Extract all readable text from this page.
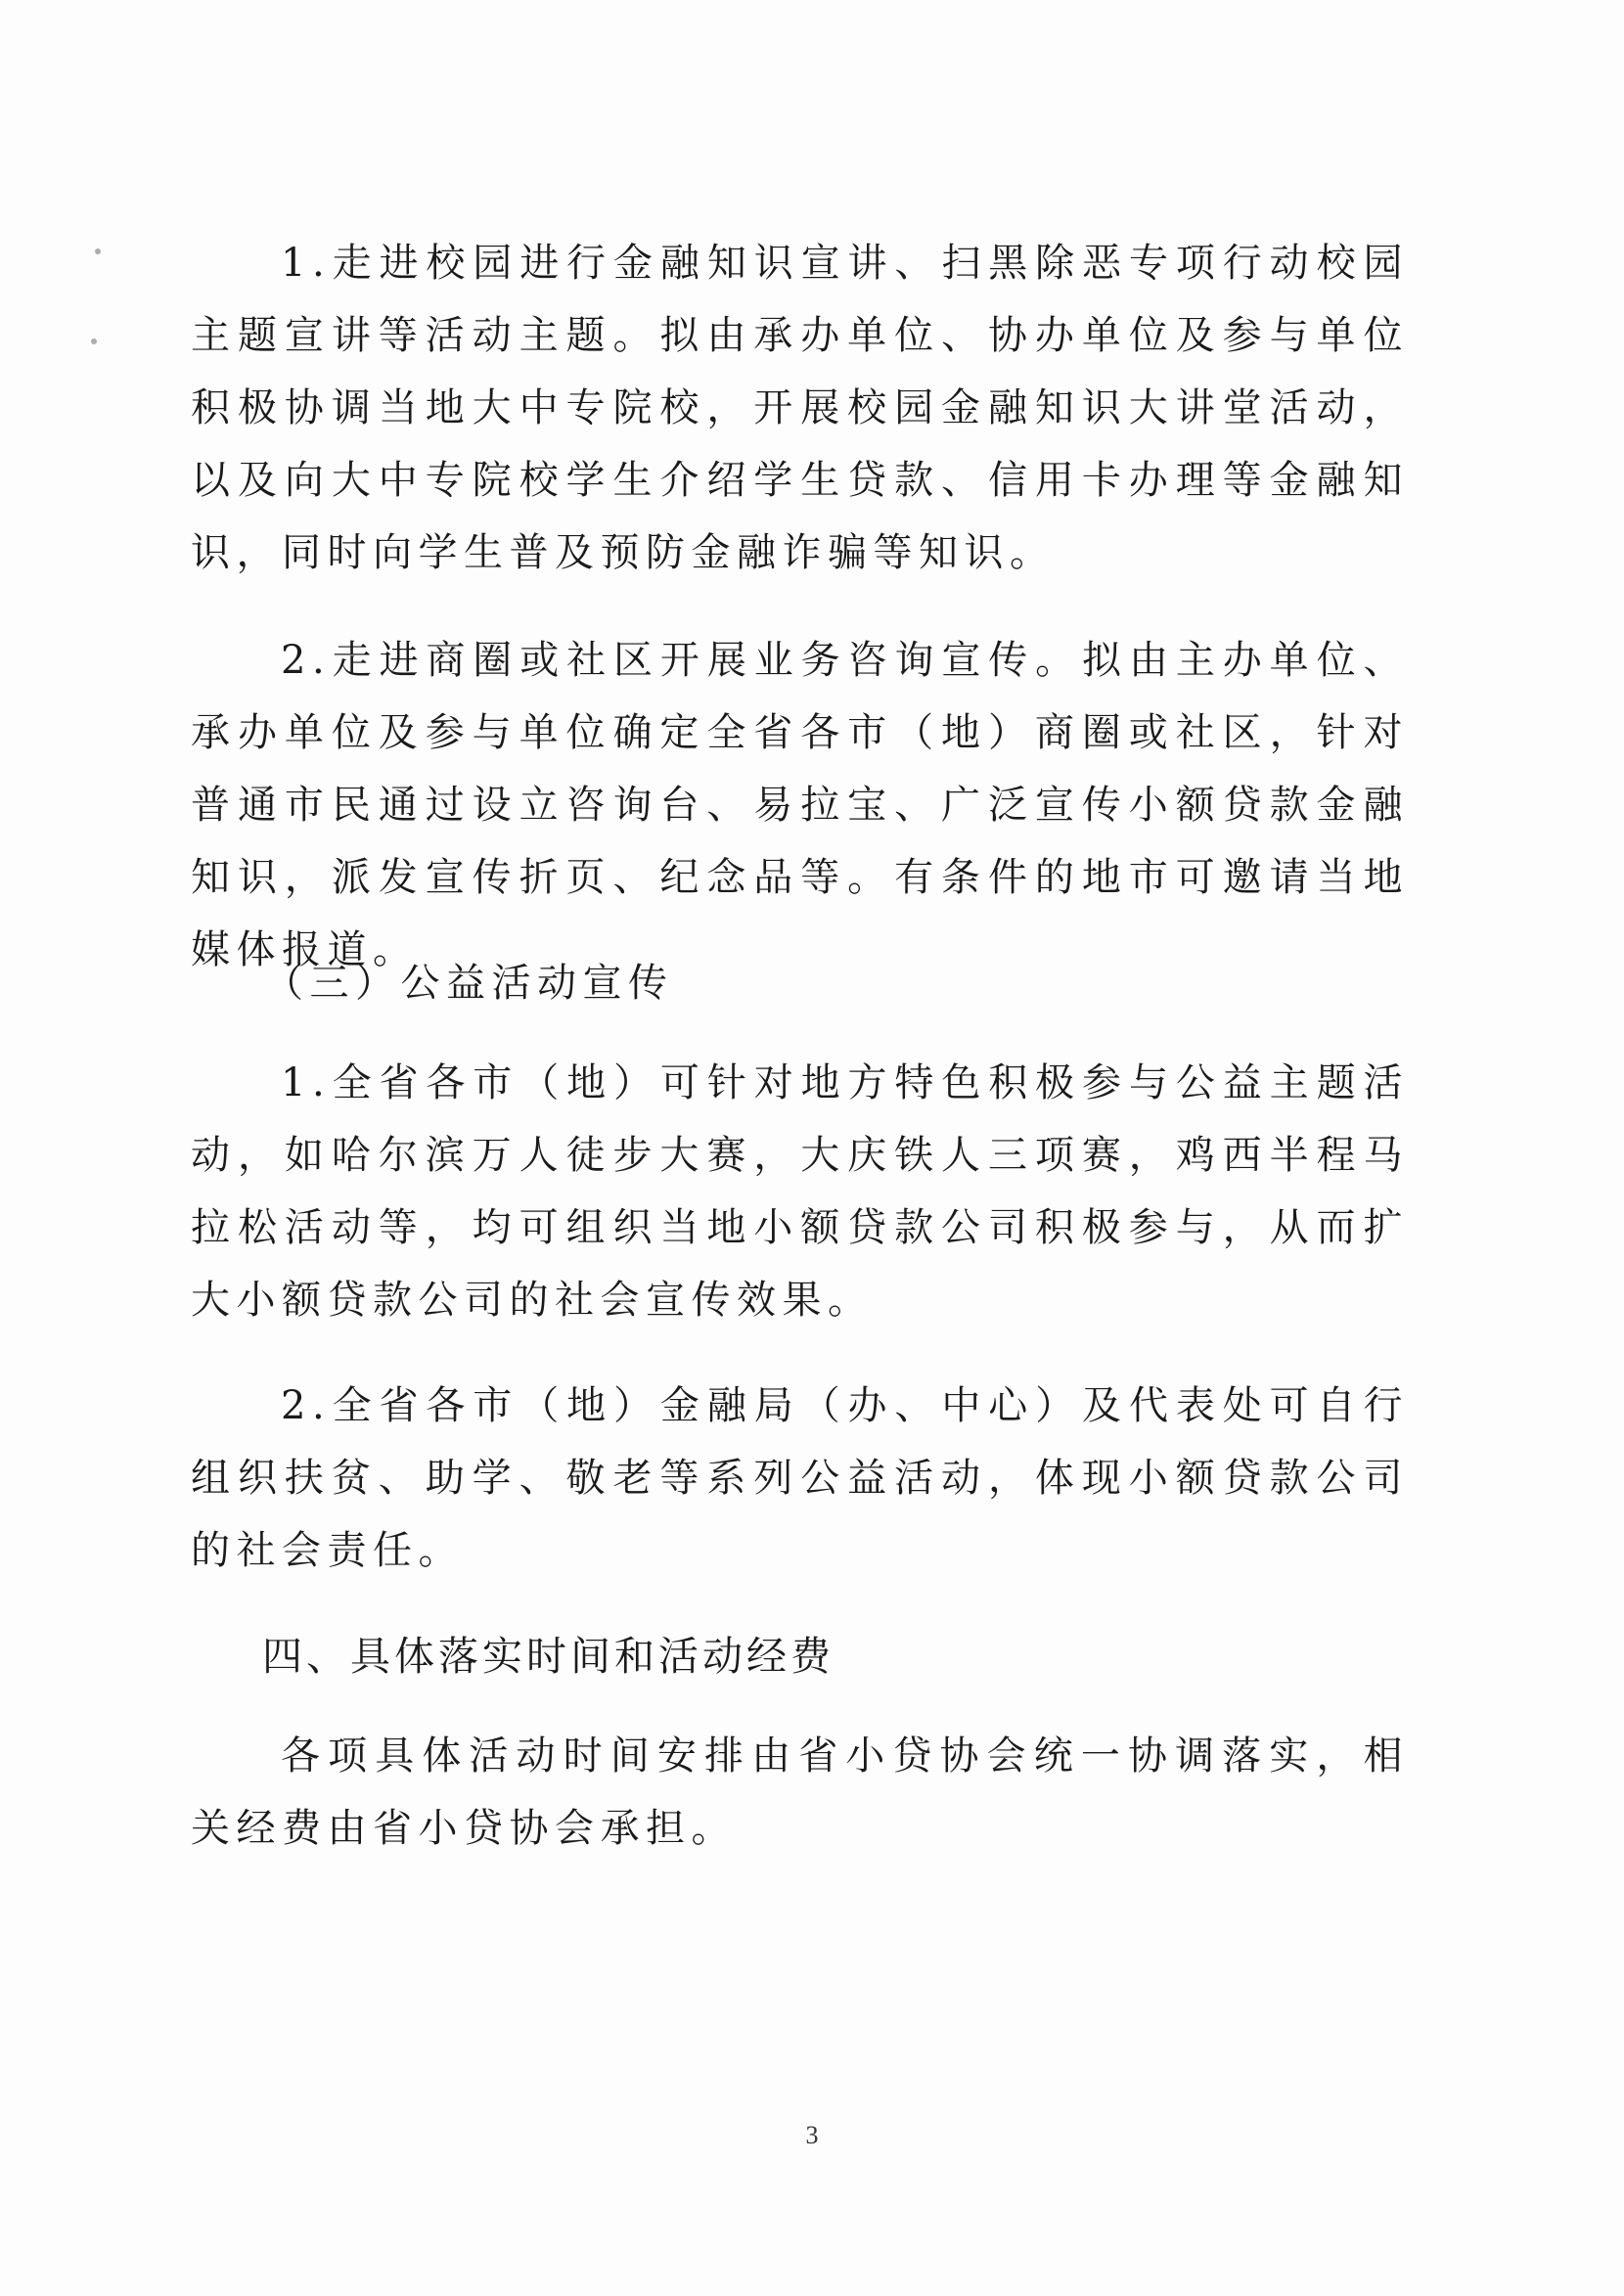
1.走进校园进行金融知识宣讲、扫黑除恶专项行动校园主题宣讲等活动主题。拟由承办单位、协办单位及参与单位积极协调当地大中专院校，开展校园金融知识大讲堂活动，以及向大中专院校学生介绍学生贷款、信用卡办理等金融知识，同时向学生普及预防金融诈骗等知识。

2.走进商圈或社区开展业务咨询宣传。拟由主办单位、承办单位及参与单位确定全省各市（地）商圈或社区，针对普通市民通过设立咨询台、易拉宝、广泛宣传小额贷款金融知识，派发宣传折页、纪念品等。有条件的地市可邀请当地媒体报道。

（三）公益活动宣传

1.全省各市（地）可针对地方特色积极参与公益主题活动，如哈尔滨万人徒步大赛，大庆铁人三项赛，鸡西半程马拉松活动等，均可组织当地小额贷款公司积极参与，从而扩大小额贷款公司的社会宣传效果。

2.全省各市（地）金融局（办、中心）及代表处可自行组织扶贫、助学、敬老等系列公益活动，体现小额贷款公司的社会责任。

四、具体落实时间和活动经费

各项具体活动时间安排由省小贷协会统一协调落实，相关经费由省小贷协会承担。

3
